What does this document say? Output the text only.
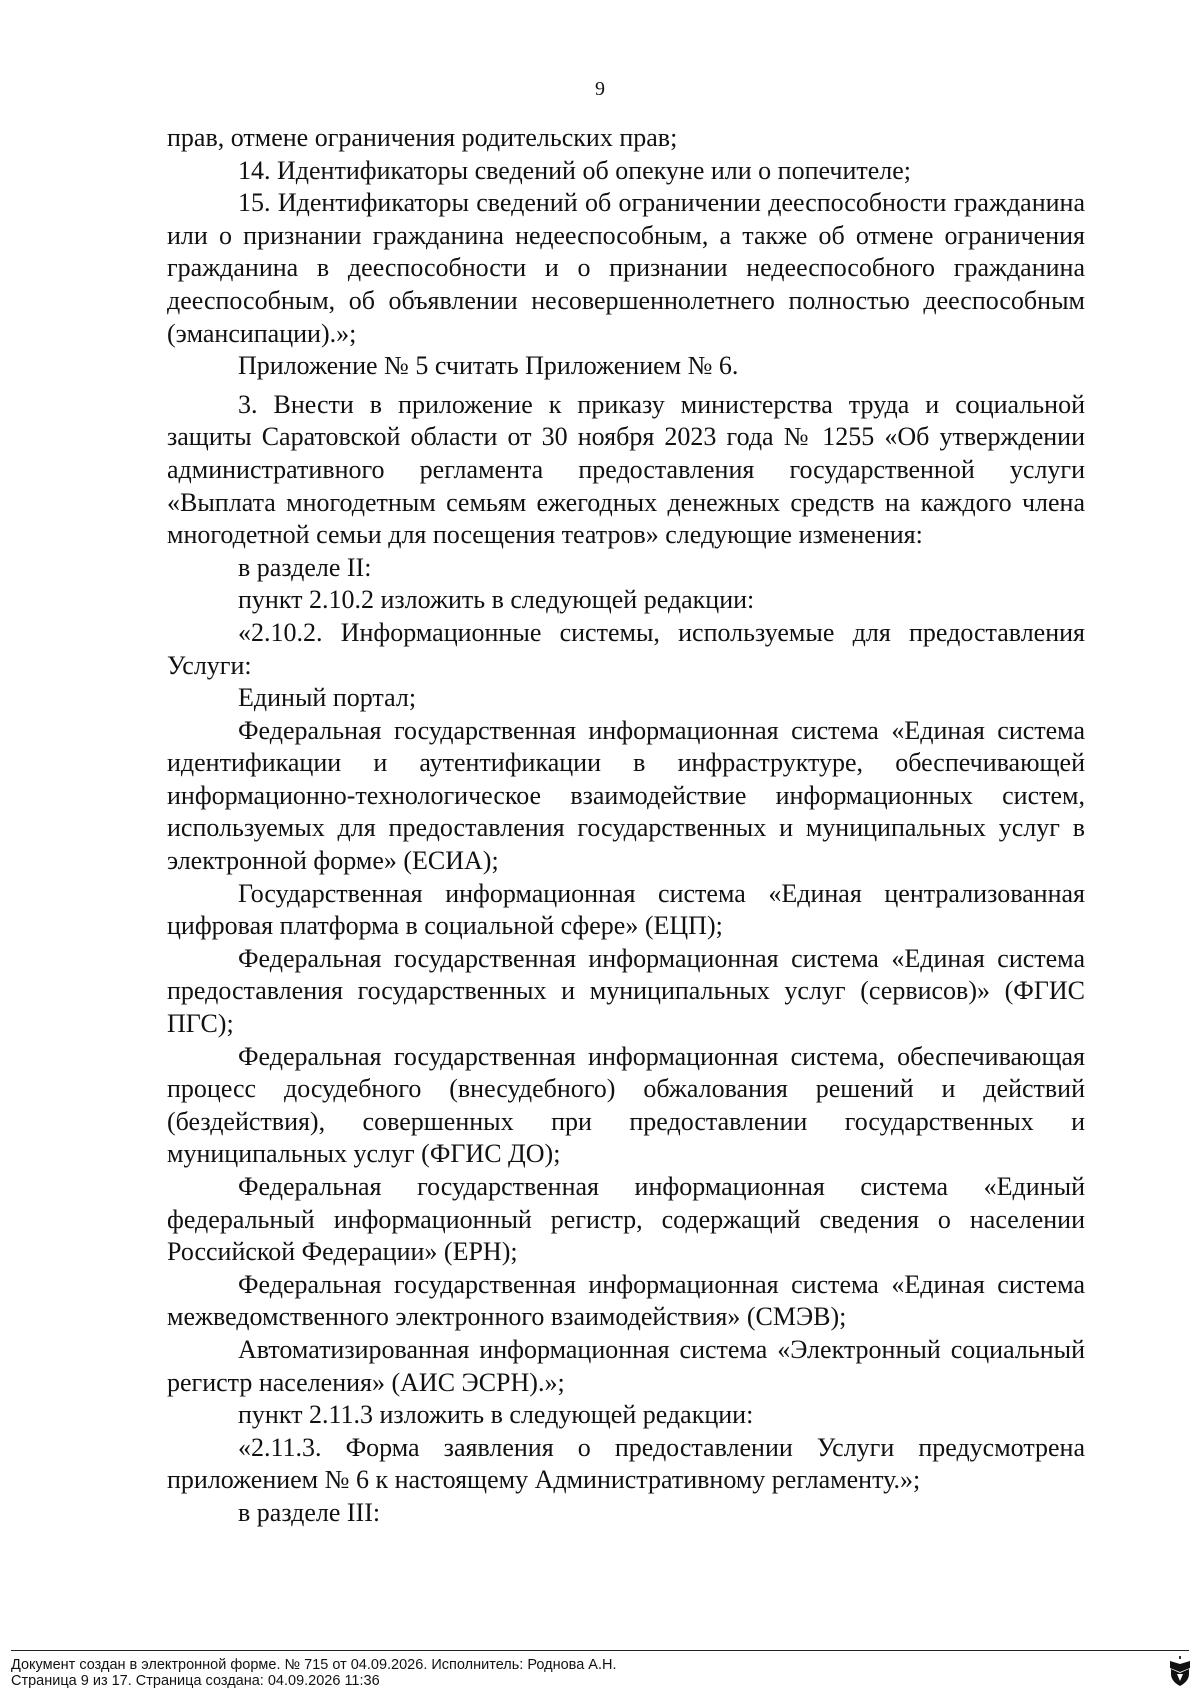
9

прав, отмене ограничения родительских прав;

14. Идентификаторы сведений об опекуне или о попечителе;

15. Идентификаторы сведений об ограничении дееспособности гражданина или о признании гражданина недееспособным, а также об отмене ограничения гражданина в дееспособности и о признании недееспособного гражданина дееспособным, об объявлении несовершеннолетнего полностью дееспособным (эмансипации).»;

Приложение № 5 считать Приложением № 6.

3. Внести в приложение к приказу министерства труда и социальной защиты Саратовской области от 30 ноября 2023 года № 1255 «Об утверждении административного регламента предоставления государственной услуги «Выплата многодетным семьям ежегодных денежных средств на каждого члена многодетной семьи для посещения театров» следующие изменения:

в разделе II:

пункт 2.10.2 изложить в следующей редакции:

«2.10.2. Информационные системы, используемые для предоставления Услуги:

Единый портал;

Федеральная государственная информационная система «Единая система идентификации и аутентификации в инфраструктуре, обеспечивающей информационно-технологическое взаимодействие информационных систем, используемых для предоставления государственных и муниципальных услуг в электронной форме» (ЕСИА);

Государственная информационная система «Единая централизованная цифровая платформа в социальной сфере» (ЕЦП);

Федеральная государственная информационная система «Единая система предоставления государственных и муниципальных услуг (сервисов)» (ФГИС ПГС);

Федеральная государственная информационная система, обеспечивающая процесс досудебного (внесудебного) обжалования решений и действий (бездействия), совершенных при предоставлении государственных и муниципальных услуг (ФГИС ДО);

Федеральная государственная информационная система «Единый федеральный информационный регистр, содержащий сведения о населении Российской Федерации» (ЕРН);

Федеральная государственная информационная система «Единая система межведомственного электронного взаимодействия» (СМЭВ);

Автоматизированная информационная система «Электронный социальный регистр населения» (АИС ЭСРН).»;

пункт 2.11.3 изложить в следующей редакции:

«2.11.3. Форма заявления о предоставлении Услуги предусмотрена приложением № 6 к настоящему Административному регламенту.»;

в разделе III:

Документ создан в электронной форме. № 715 от 04.09.2026. Исполнитель: Роднова А.Н.
Страница 9 из 17. Страница создана: 04.09.2026 11:36
